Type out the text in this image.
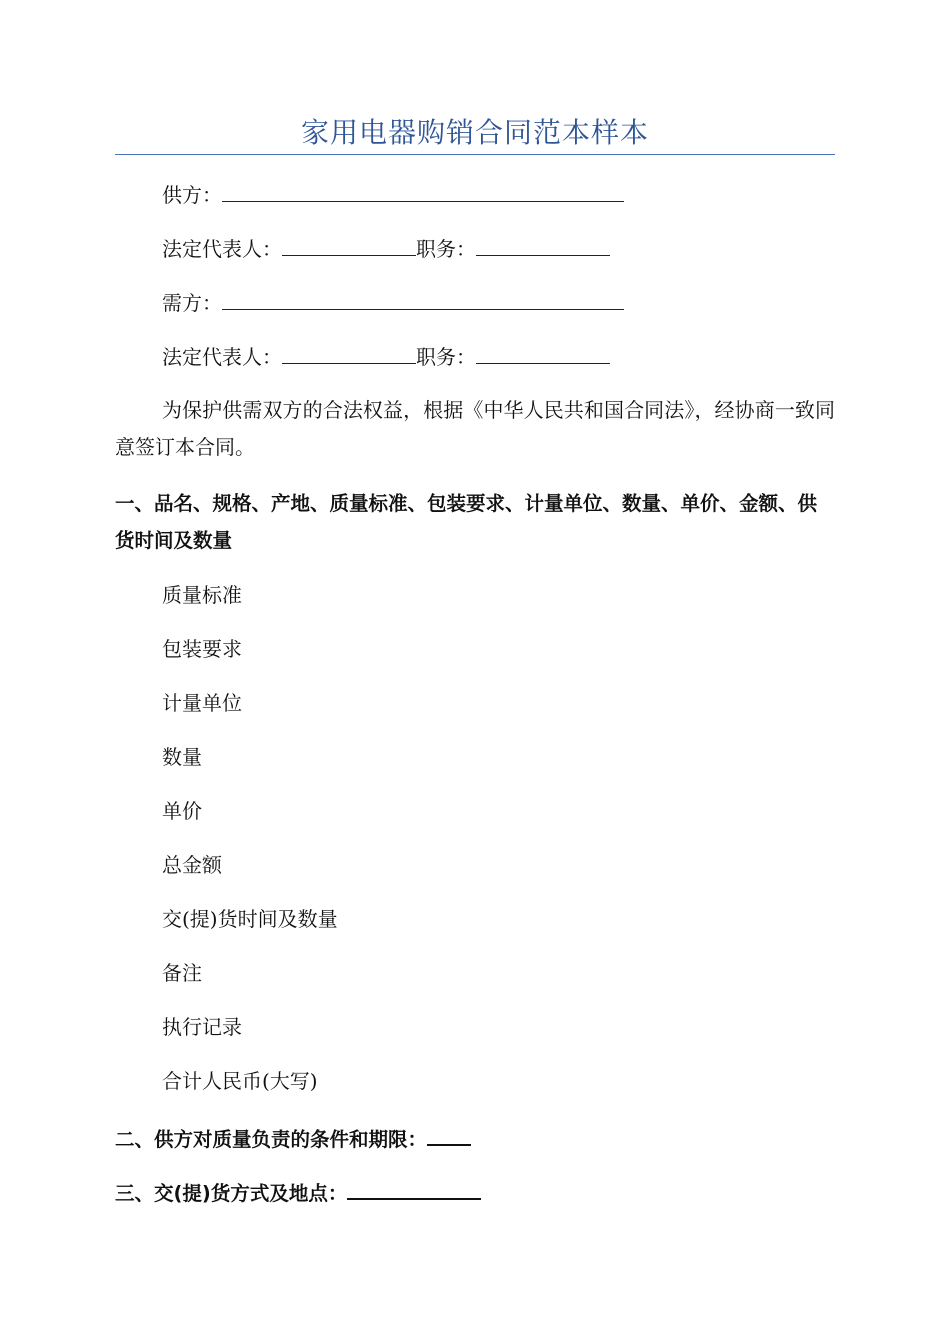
家用电器购销合同范本样本
供方：
法定代表人：	职务：
需方：
法定代表人：	职务：
为保护供需双方的合法权益，根据《中华人民共和国合同法》，经协商一致同意签订本合同。
一、品名、规格、产地、质量标准、包装要求、计量单位、数量、单价、金额、供货时间及数量
质量标准
包装要求
计量单位
数量
单价
总金额
交(提)货时间及数量
备注
执行记录
合计人民币(大写)
二、供方对质量负责的条件和期限：
三、交(提)货方式及地点：
